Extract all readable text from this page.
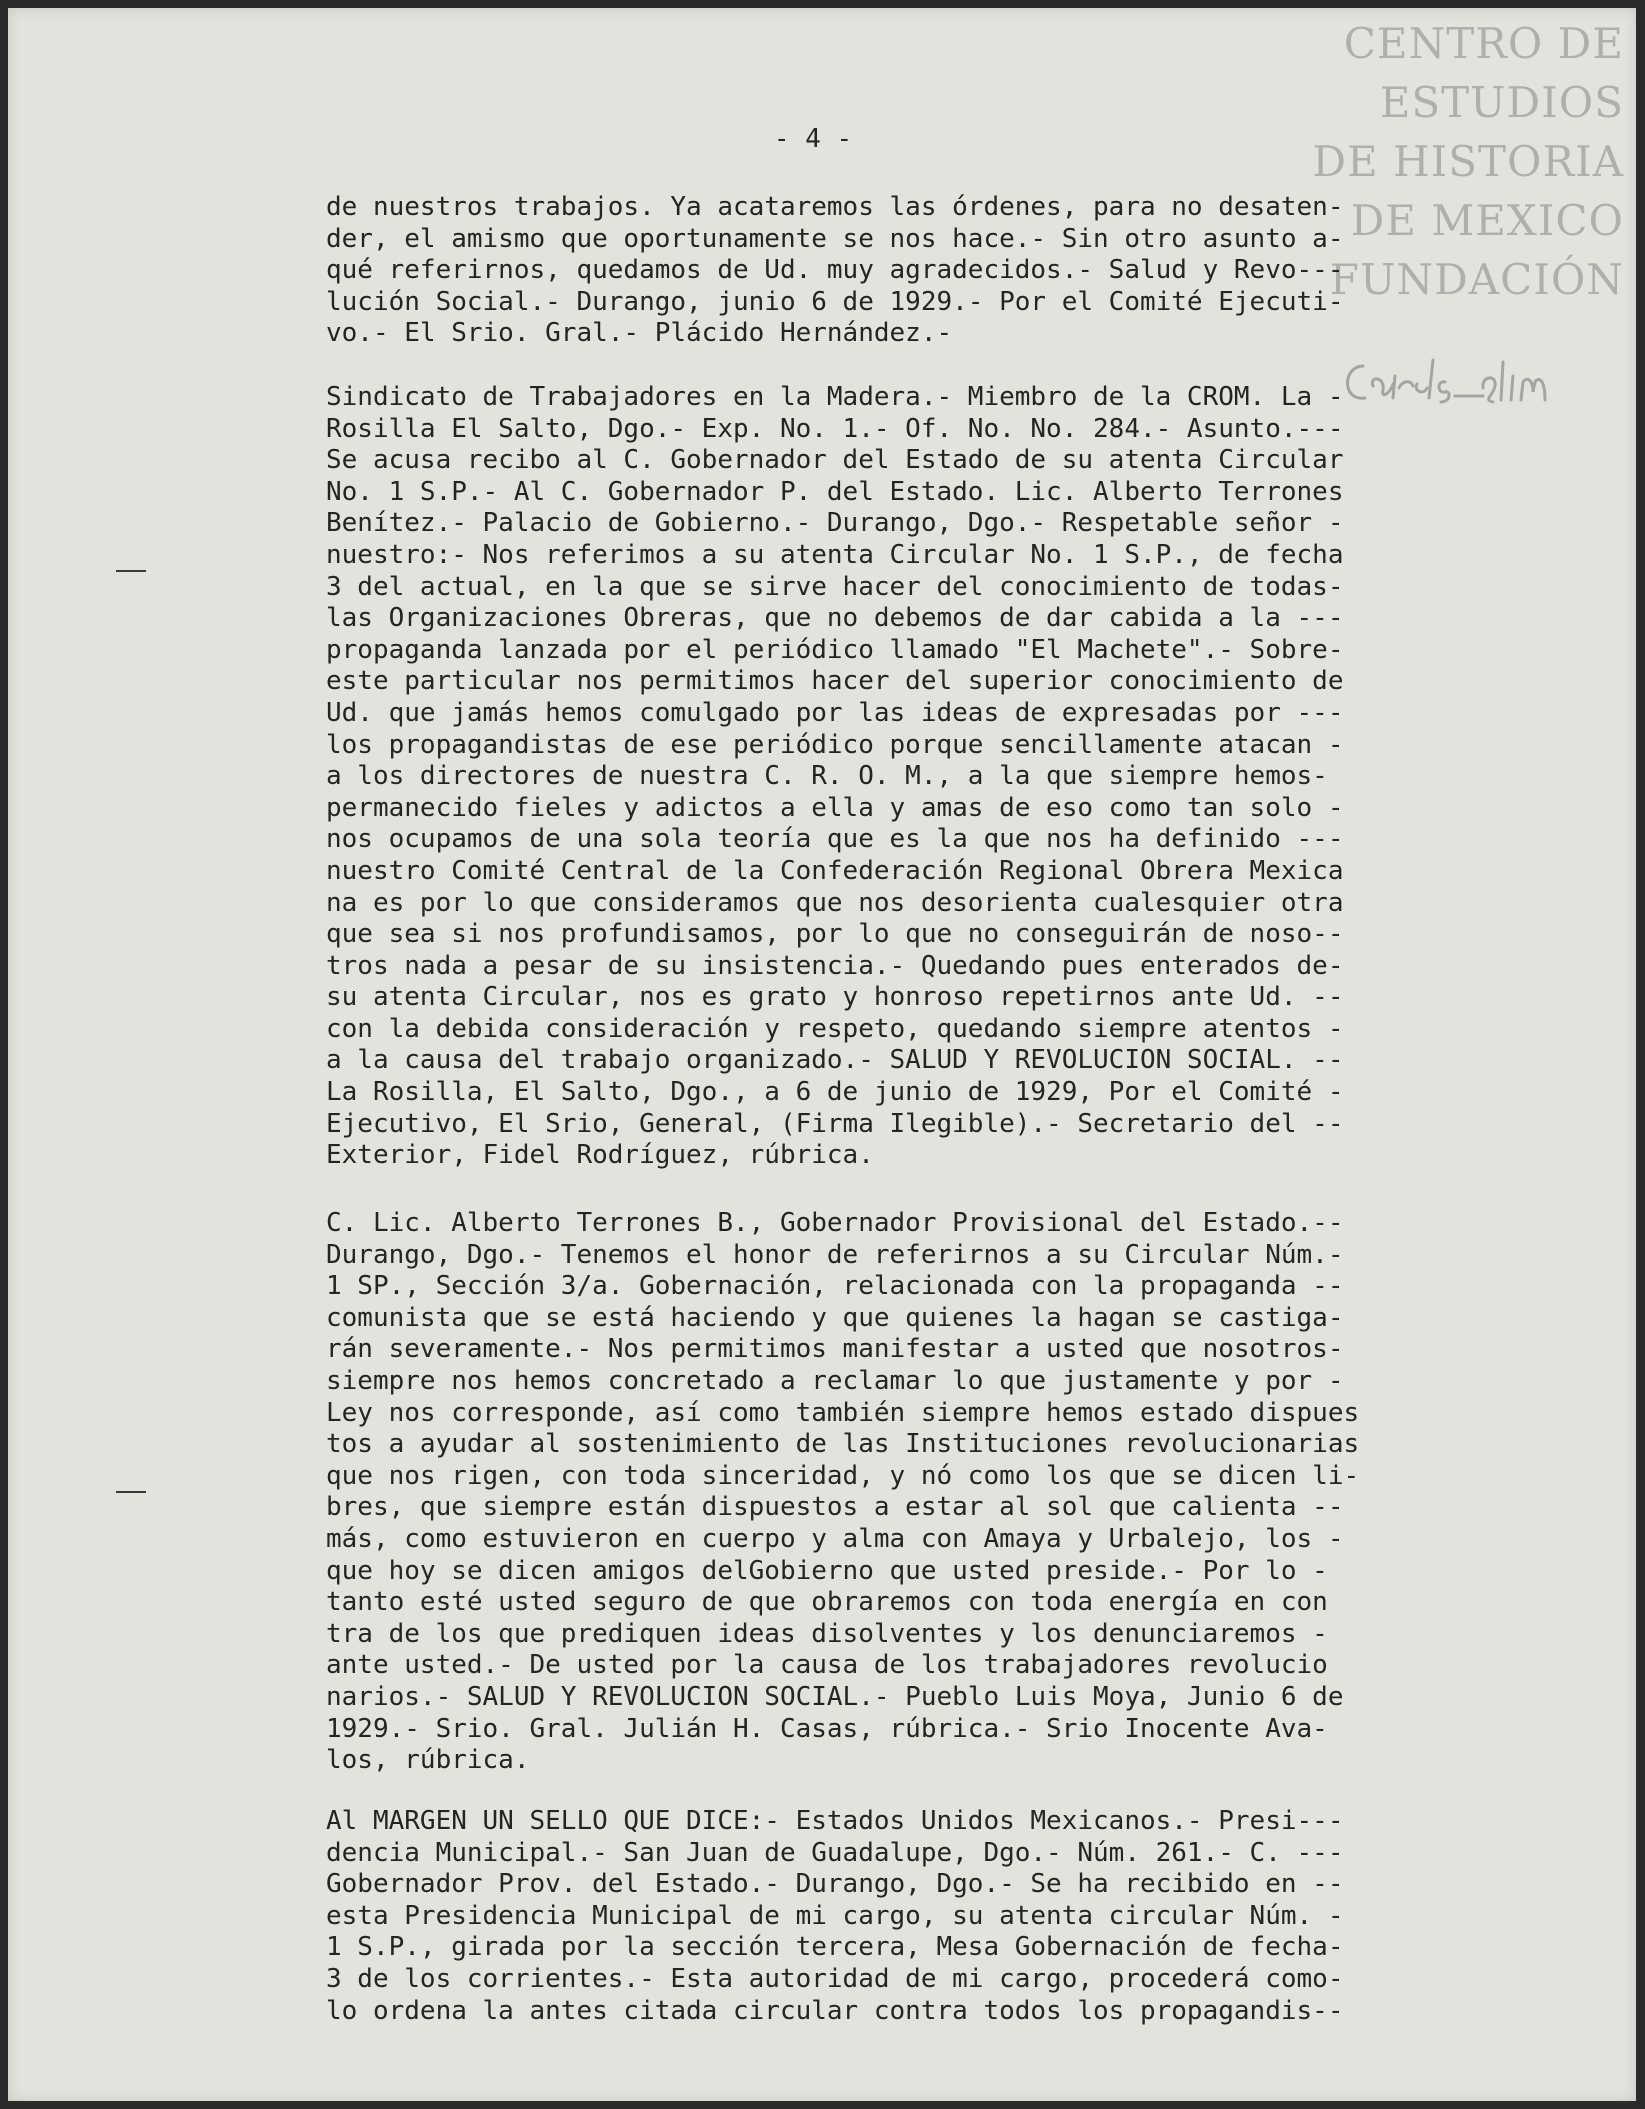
CENTRO DE
ESTUDIOS
DE HISTORIA
DE MEXICO
FUNDACIÓN
- 4 -
de nuestros trabajos. Ya acataremos las órdenes, para no desaten-
der, el amismo que oportunamente se nos hace.- Sin otro asunto a-
qué referirnos, quedamos de Ud. muy agradecidos.- Salud y Revo---
lución Social.- Durango, junio 6 de 1929.- Por el Comité Ejecuti-
vo.- El Srio. Gral.- Plácido Hernández.-
Sindicato de Trabajadores en la Madera.- Miembro de la CROM. La -
Rosilla El Salto, Dgo.- Exp. No. 1.- Of. No. No. 284.- Asunto.---
Se acusa recibo al C. Gobernador del Estado de su atenta Circular
No. 1 S.P.- Al C. Gobernador P. del Estado. Lic. Alberto Terrones
Benítez.- Palacio de Gobierno.- Durango, Dgo.- Respetable señor -
nuestro:- Nos referimos a su atenta Circular No. 1 S.P., de fecha
3 del actual, en la que se sirve hacer del conocimiento de todas-
las Organizaciones Obreras, que no debemos de dar cabida a la ---
propaganda lanzada por el periódico llamado "El Machete".- Sobre-
este particular nos permitimos hacer del superior conocimiento de
Ud. que jamás hemos comulgado por las ideas de expresadas por ---
los propagandistas de ese periódico porque sencillamente atacan -
a los directores de nuestra C. R. O. M., a la que siempre hemos-
permanecido fieles y adictos a ella y amas de eso como tan solo -
nos ocupamos de una sola teoría que es la que nos ha definido ---
nuestro Comité Central de la Confederación Regional Obrera Mexica
na es por lo que consideramos que nos desorienta cualesquier otra
que sea si nos profundisamos, por lo que no conseguirán de noso--
tros nada a pesar de su insistencia.- Quedando pues enterados de-
su atenta Circular, nos es grato y honroso repetirnos ante Ud. --
con la debida consideración y respeto, quedando siempre atentos -
a la causa del trabajo organizado.- SALUD Y REVOLUCION SOCIAL. --
La Rosilla, El Salto, Dgo., a 6 de junio de 1929, Por el Comité -
Ejecutivo, El Srio, General, (Firma Ilegible).- Secretario del --
Exterior, Fidel Rodríguez, rúbrica.
C. Lic. Alberto Terrones B., Gobernador Provisional del Estado.--
Durango, Dgo.- Tenemos el honor de referirnos a su Circular Núm.-
1 SP., Sección 3/a. Gobernación, relacionada con la propaganda --
comunista que se está haciendo y que quienes la hagan se castiga-
rán severamente.- Nos permitimos manifestar a usted que nosotros-
siempre nos hemos concretado a reclamar lo que justamente y por -
Ley nos corresponde, así como también siempre hemos estado dispues
tos a ayudar al sostenimiento de las Instituciones revolucionarias
que nos rigen, con toda sinceridad, y nó como los que se dicen li-
bres, que siempre están dispuestos a estar al sol que calienta --
más, como estuvieron en cuerpo y alma con Amaya y Urbalejo, los -
que hoy se dicen amigos delGobierno que usted preside.- Por lo -
tanto esté usted seguro de que obraremos con toda energía en con
tra de los que prediquen ideas disolventes y los denunciaremos -
ante usted.- De usted por la causa de los trabajadores revolucio
narios.- SALUD Y REVOLUCION SOCIAL.- Pueblo Luis Moya, Junio 6 de
1929.- Srio. Gral. Julián H. Casas, rúbrica.- Srio Inocente Ava-
los, rúbrica.
Al MARGEN UN SELLO QUE DICE:- Estados Unidos Mexicanos.- Presi---
dencia Municipal.- San Juan de Guadalupe, Dgo.- Núm. 261.- C. ---
Gobernador Prov. del Estado.- Durango, Dgo.- Se ha recibido en --
esta Presidencia Municipal de mi cargo, su atenta circular Núm. -
1 S.P., girada por la sección tercera, Mesa Gobernación de fecha-
3 de los corrientes.- Esta autoridad de mi cargo, procederá como-
lo ordena la antes citada circular contra todos los propagandis--
